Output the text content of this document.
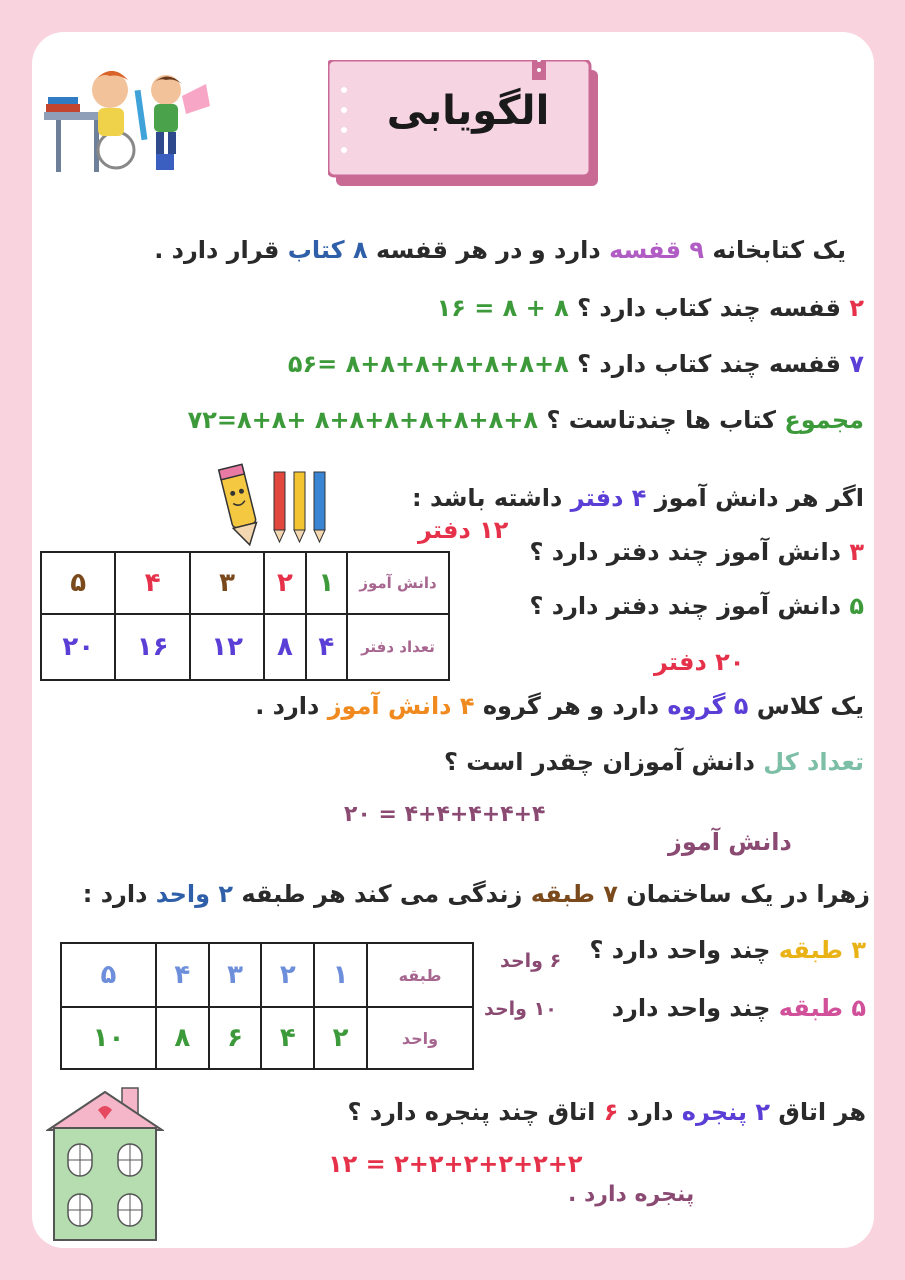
الگویابی
یک کتابخانه ۹ قفسه دارد و در هر قفسه ۸ کتاب قرار دارد .
۲ قفسه چند کتاب دارد ؟ ۱۶ = ۸ + ۸
۷ قفسه چند کتاب دارد ؟ ۵۶= ۸+۸+۸+۸+۸+۸+۸
مجموع کتاب ها چندتاست ؟ ۷۲=۸+۸+ ۸+۸+۸+۸+۸+۸+۸
اگر هر دانش آموز ۴ دفتر داشته باشد :
۱۲ دفتر
۳ دانش آموز چند دفتر دارد ؟
۵ دانش آموز چند دفتر دارد ؟
۲۰ دفتر
دانش آموز	۱	۲	۳	۴	۵
تعداد دفتر	۴	۸	۱۲	۱۶	۲۰
یک کلاس ۵ گروه دارد و هر گروه ۴ دانش آموز دارد .
تعداد کل دانش آموزان چقدر است ؟
۲۰ = ۴+۴+۴+۴+۴
دانش آموز
زهرا در یک ساختمان ۷ طبقه زندگی می کند هر طبقه ۲ واحد دارد :
طبقه	۱	۲	۳	۴	۵
واحد	۲	۴	۶	۸	۱۰
۳ طبقه چند واحد دارد ؟
۶ واحد
۵ طبقه چند واحد دارد
۱۰ واحد
هر اتاق ۲ پنجره دارد ۶ اتاق چند پنجره دارد ؟
۱۲ = ۲+۲+۲+۲+۲+۲
پنجره دارد .
